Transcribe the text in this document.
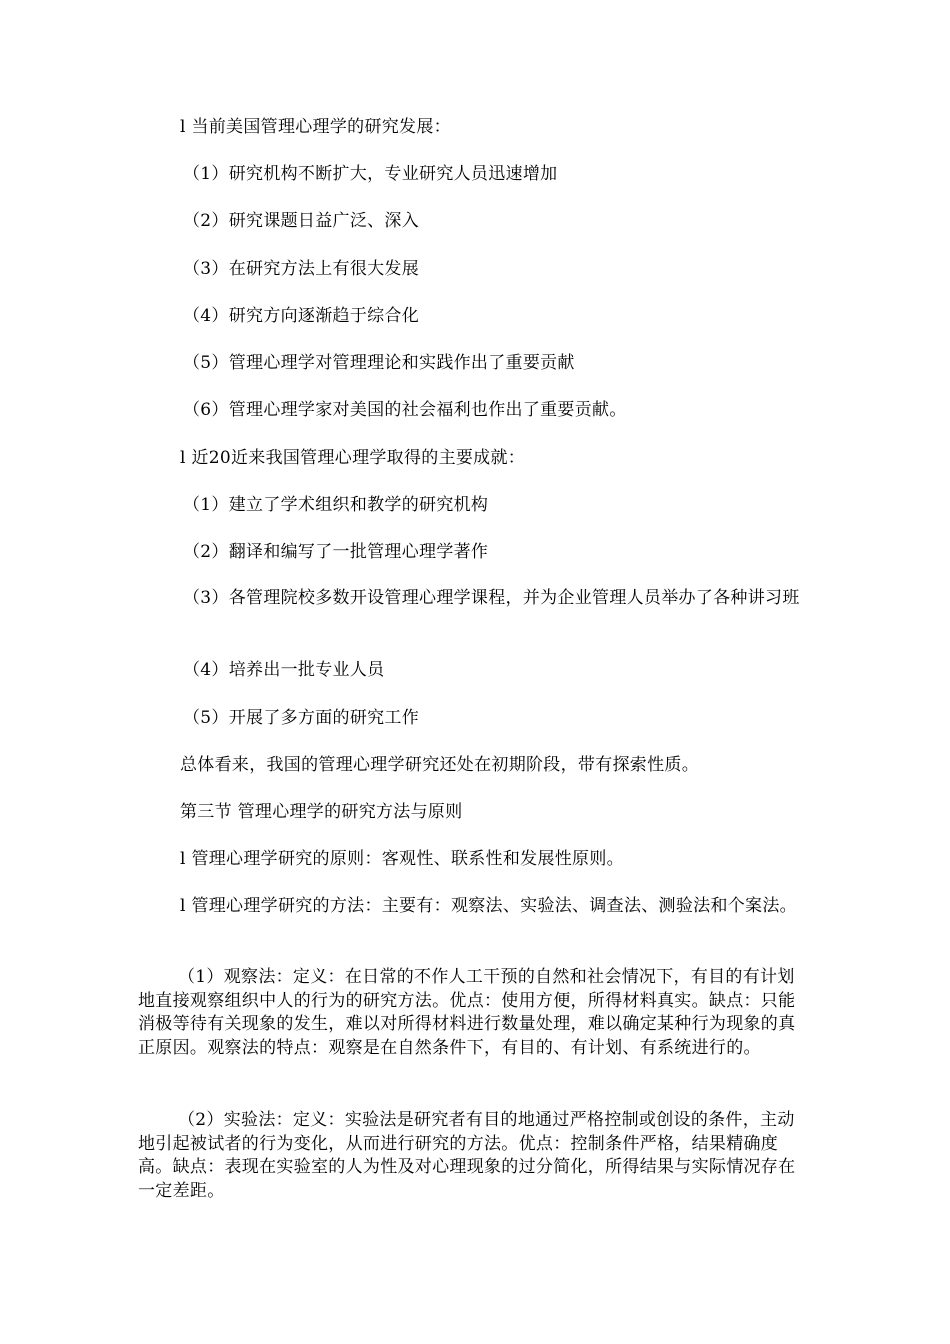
l 当前美国管理心理学的研究发展：
（1）研究机构不断扩大，专业研究人员迅速增加
（2）研究课题日益广泛、深入
（3）在研究方法上有很大发展
（4）研究方向逐渐趋于综合化
（5）管理心理学对管理理论和实践作出了重要贡献
（6）管理心理学家对美国的社会福利也作出了重要贡献。
l 近20近来我国管理心理学取得的主要成就：
（1）建立了学术组织和教学的研究机构
（2）翻译和编写了一批管理心理学著作
（3）各管理院校多数开设管理心理学课程，并为企业管理人员举办了各种讲习班
（4）培养出一批专业人员
（5）开展了多方面的研究工作
总体看来，我国的管理心理学研究还处在初期阶段，带有探索性质。
第三节 管理心理学的研究方法与原则
l 管理心理学研究的原则：客观性、联系性和发展性原则。
l 管理心理学研究的方法：主要有：观察法、实验法、调查法、测验法和个案法。
（1）观察法：定义：在日常的不作人工干预的自然和社会情况下，有目的有计划地直接观察组织中人的行为的研究方法。优点：使用方便，所得材料真实。缺点：只能消极等待有关现象的发生，难以对所得材料进行数量处理，难以确定某种行为现象的真正原因。观察法的特点：观察是在自然条件下，有目的、有计划、有系统进行的。
（2）实验法：定义：实验法是研究者有目的地通过严格控制或创设的条件，主动地引起被试者的行为变化，从而进行研究的方法。优点：控制条件严格，结果精确度高。缺点：表现在实验室的人为性及对心理现象的过分简化，所得结果与实际情况存在一定差距。
